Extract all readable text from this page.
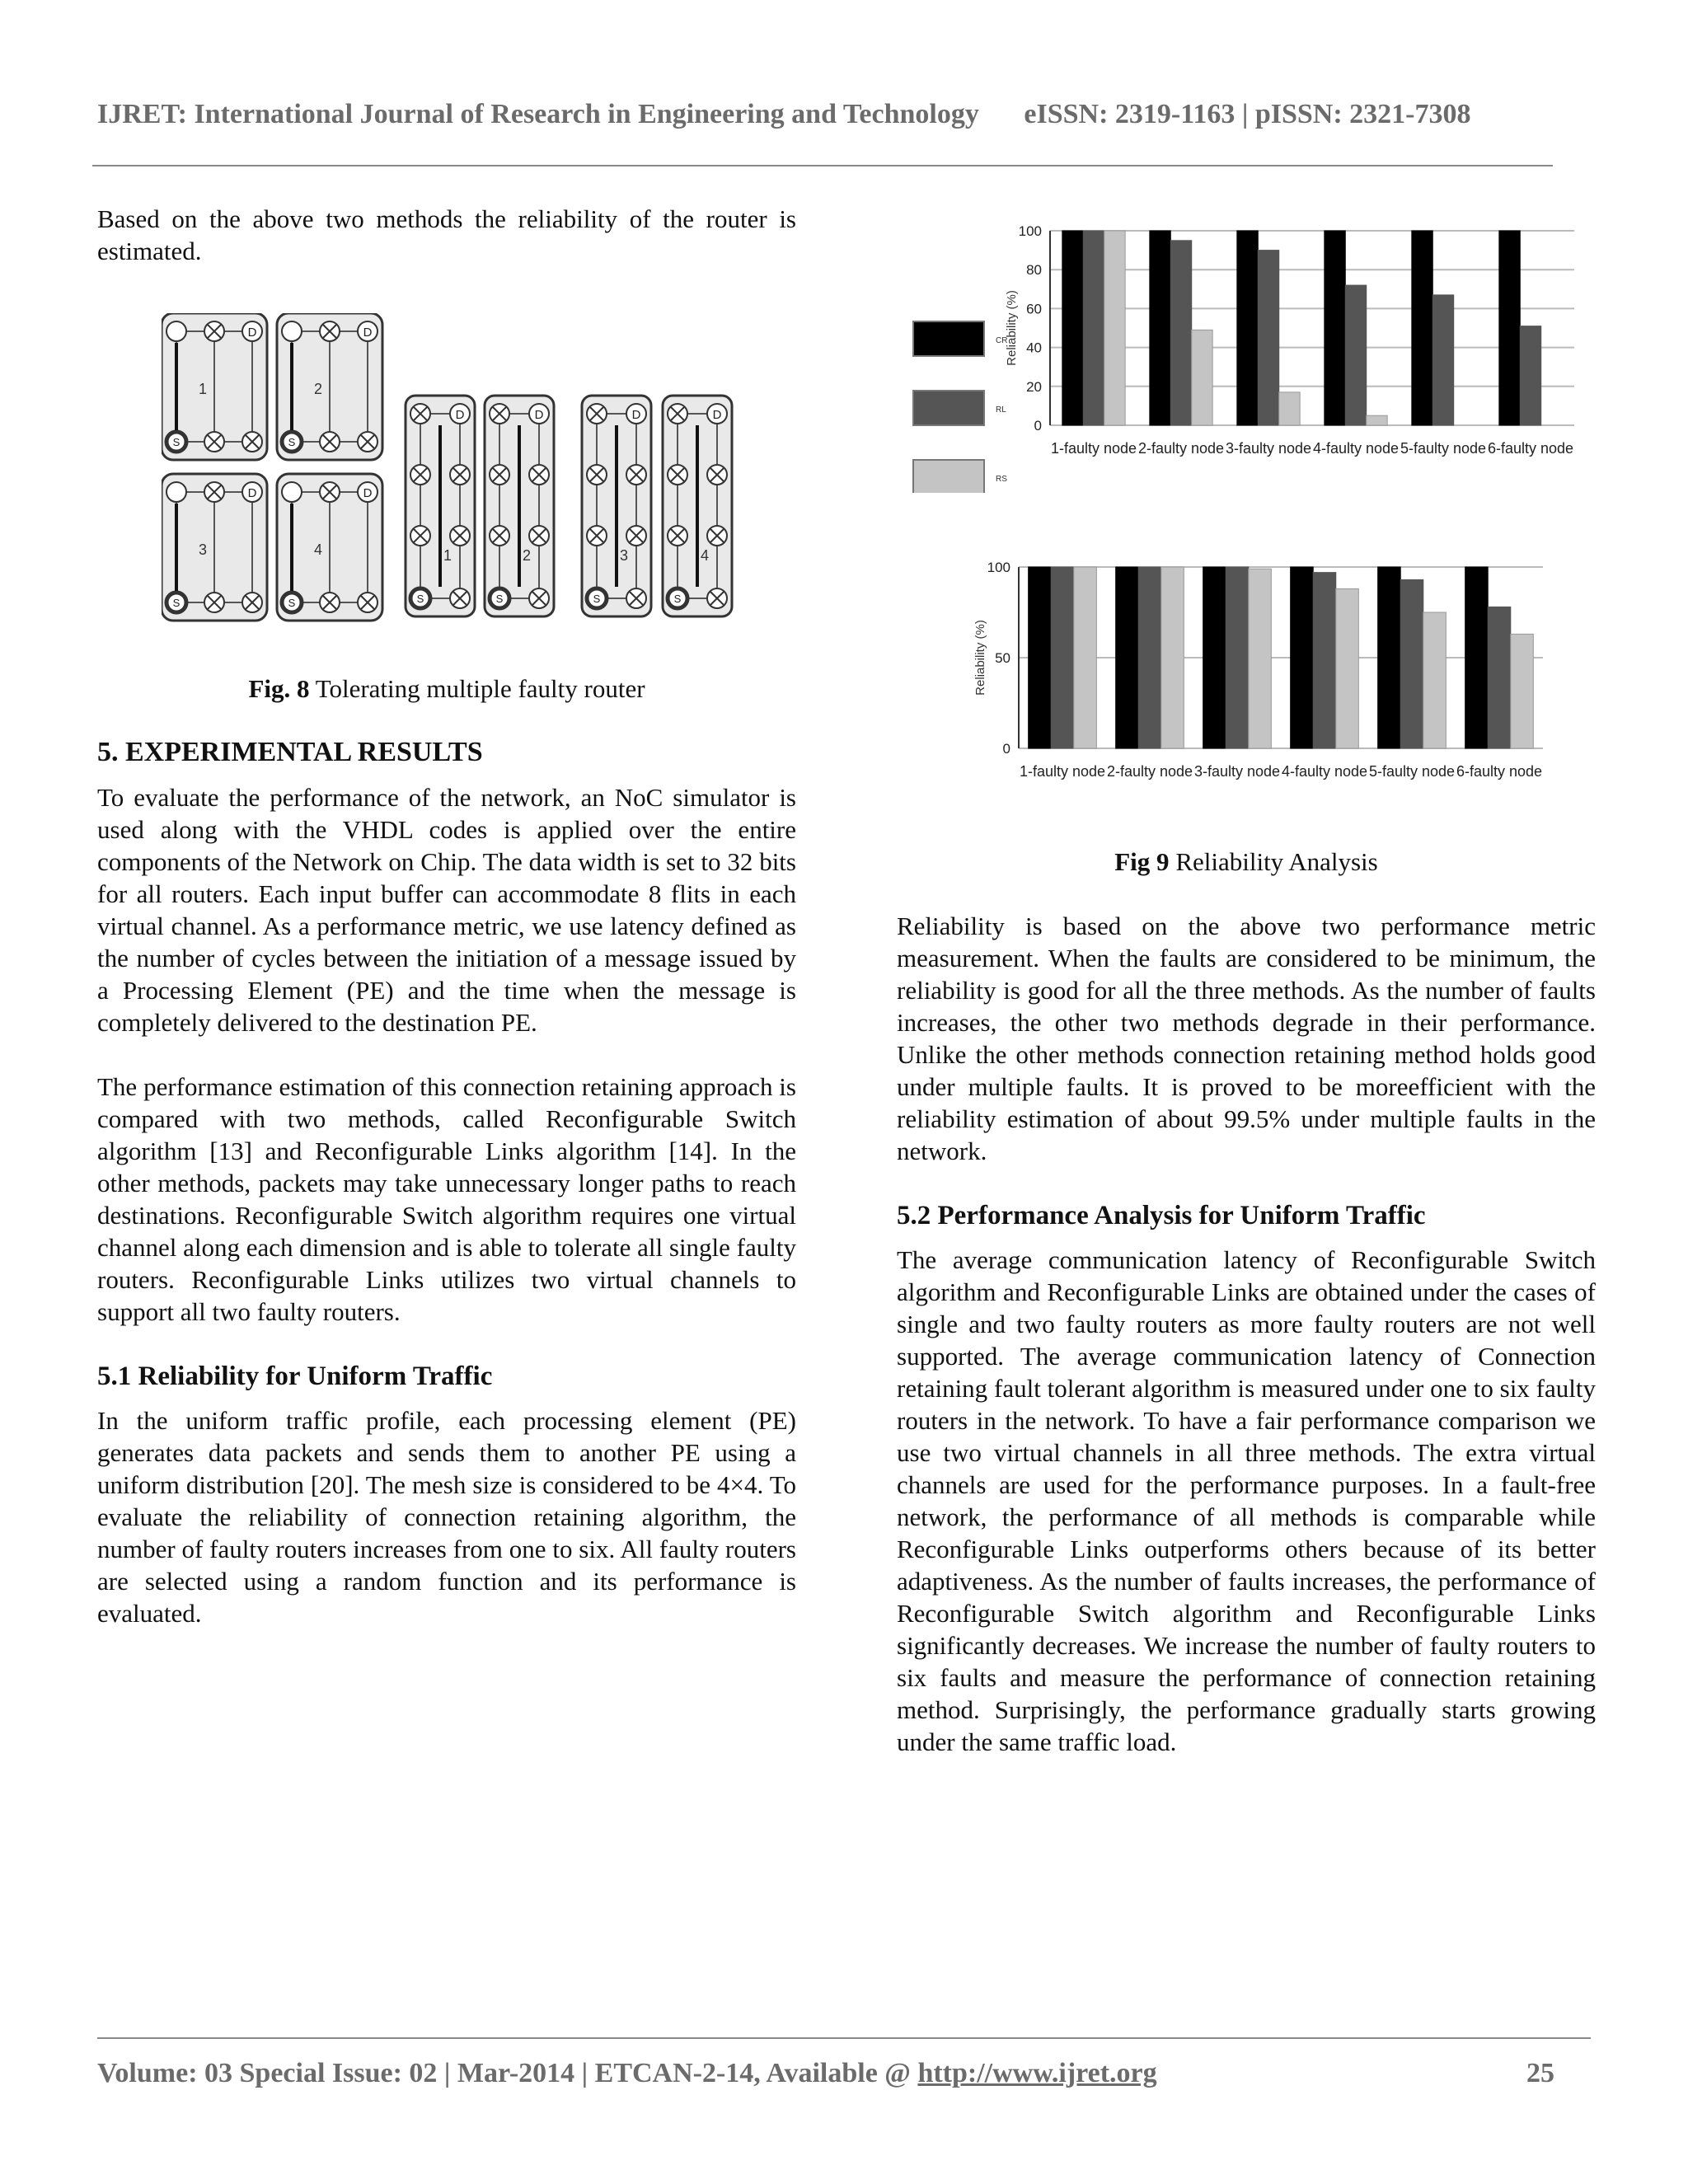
IJRET: International Journal of Research in Engineering and Technology eISSN: 2319-1163 | pISSN: 2321-7308

Based on the above two methods the reliability of the router is estimated.

D
S
1
D
S
2
D
S
3
D
S
4
D
S
1
D
S
2
D
S
3
D
S
4
Fig. 8 Tolerating multiple faulty router
5. EXPERIMENTAL RESULTS

To evaluate the performance of the network, an NoC simulator is used along with the VHDL codes is applied over the entire components of the Network on Chip. The data width is set to 32 bits for all routers. Each input buffer can accommodate 8 flits in each virtual channel. As a performance metric, we use latency defined as the number of cycles between the initiation of a message issued by a Processing Element (PE) and the time when the message is completely delivered to the destination PE.

The performance estimation of this connection retaining approach is compared with two methods, called Reconfigurable Switch algorithm [13] and Reconfigurable Links algorithm [14]. In the other methods, packets may take unnecessary longer paths to reach destinations. Reconfigurable Switch algorithm requires one virtual channel along each dimension and is able to tolerate all single faulty routers. Reconfigurable Links utilizes two virtual channels to support all two faulty routers.

5.1 Reliability for Uniform Traffic

In the uniform traffic profile, each processing element (PE) generates data packets and sends them to another PE using a uniform distribution [20]. The mesh size is considered to be 4×4. To evaluate the reliability of connection retaining algorithm, the number of faulty routers increases from one to six. All faulty routers are selected using a random function and its performance is evaluated.

0
20
40
60
80
100
Reliability (%)
1-faulty node 2-faulty node 3-faulty node 4-faulty node 5-faulty node 6-faulty node
CR
RL
RS
0
50
100
Reliability (%)
1-faulty node 2-faulty node 3-faulty node 4-faulty node 5-faulty node 6-faulty node
Fig 9 Reliability Analysis

Reliability is based on the above two performance metric measurement. When the faults are considered to be minimum, the reliability is good for all the three methods. As the number of faults increases, the other two methods degrade in their performance. Unlike the other methods connection retaining method holds good under multiple faults. It is proved to be moreefficient with the reliability estimation of about 99.5% under multiple faults in the network.

5.2 Performance Analysis for Uniform Traffic

The average communication latency of Reconfigurable Switch algorithm and Reconfigurable Links are obtained under the cases of single and two faulty routers as more faulty routers are not well supported. The average communication latency of Connection retaining fault tolerant algorithm is measured under one to six faulty routers in the network. To have a fair performance comparison we use two virtual channels in all three methods. The extra virtual channels are used for the performance purposes. In a fault-free network, the performance of all methods is comparable while Reconfigurable Links outperforms others because of its better adaptiveness. As the number of faults increases, the performance of Reconfigurable Switch algorithm and Reconfigurable Links significantly decreases. We increase the number of faulty routers to six faults and measure the performance of connection retaining method. Surprisingly, the performance gradually starts growing under the same traffic load.

Volume: 03 Special Issue: 02 | Mar-2014 | ETCAN-2-14, Available @ http://www.ijret.org	25
